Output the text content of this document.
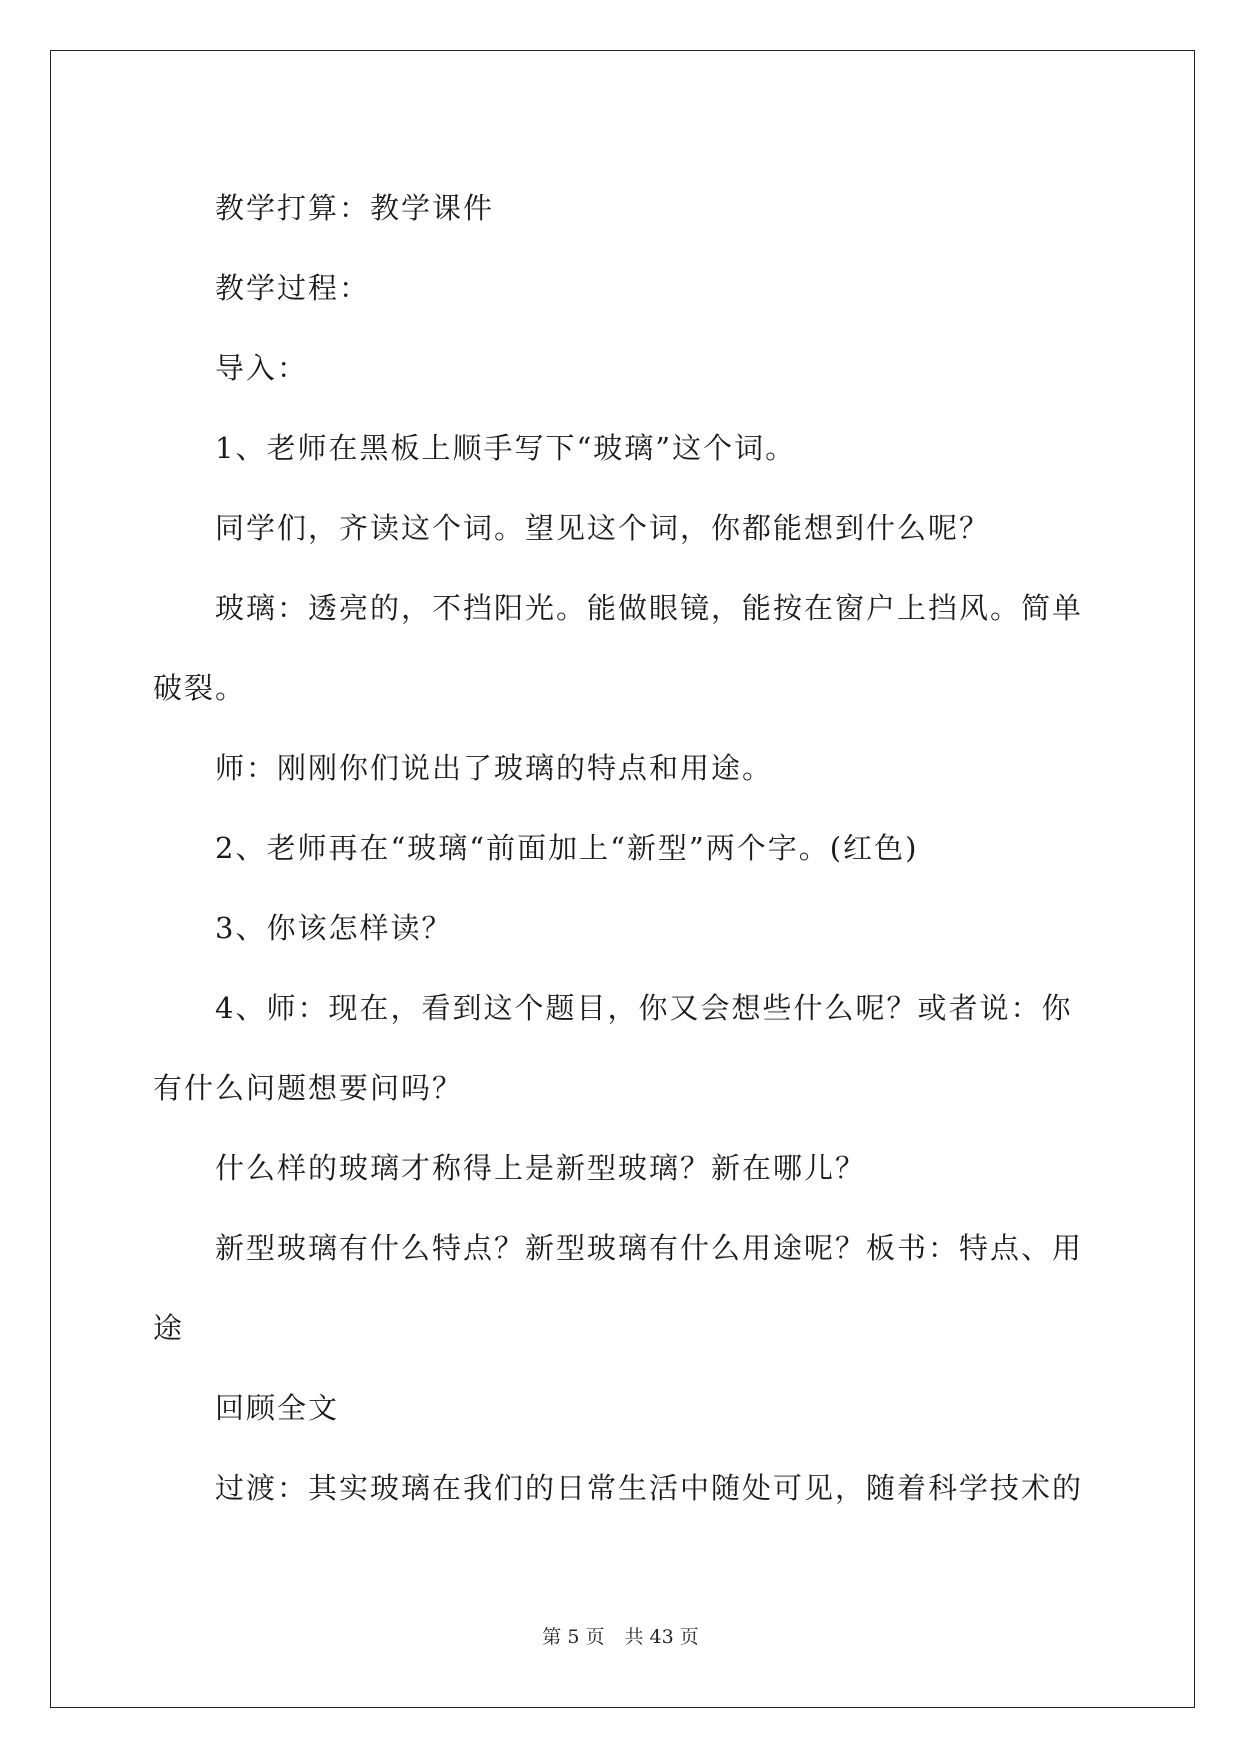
教学打算：教学课件

教学过程：

导入：

1、老师在黑板上顺手写下“玻璃”这个词。

同学们，齐读这个词。望见这个词，你都能想到什么呢？

玻璃：透亮的，不挡阳光。能做眼镜，能按在窗户上挡风。简单破裂。

师：刚刚你们说出了玻璃的特点和用途。

2、老师再在“玻璃“前面加上“新型”两个字。(红色)

3、你该怎样读？

4、师：现在，看到这个题目，你又会想些什么呢？或者说：你有什么问题想要问吗？

什么样的玻璃才称得上是新型玻璃？新在哪儿？

新型玻璃有什么特点？新型玻璃有什么用途呢？板书：特点、用途

回顾全文

过渡：其实玻璃在我们的日常生活中随处可见，随着科学技术的

第 5 页 共 43 页
